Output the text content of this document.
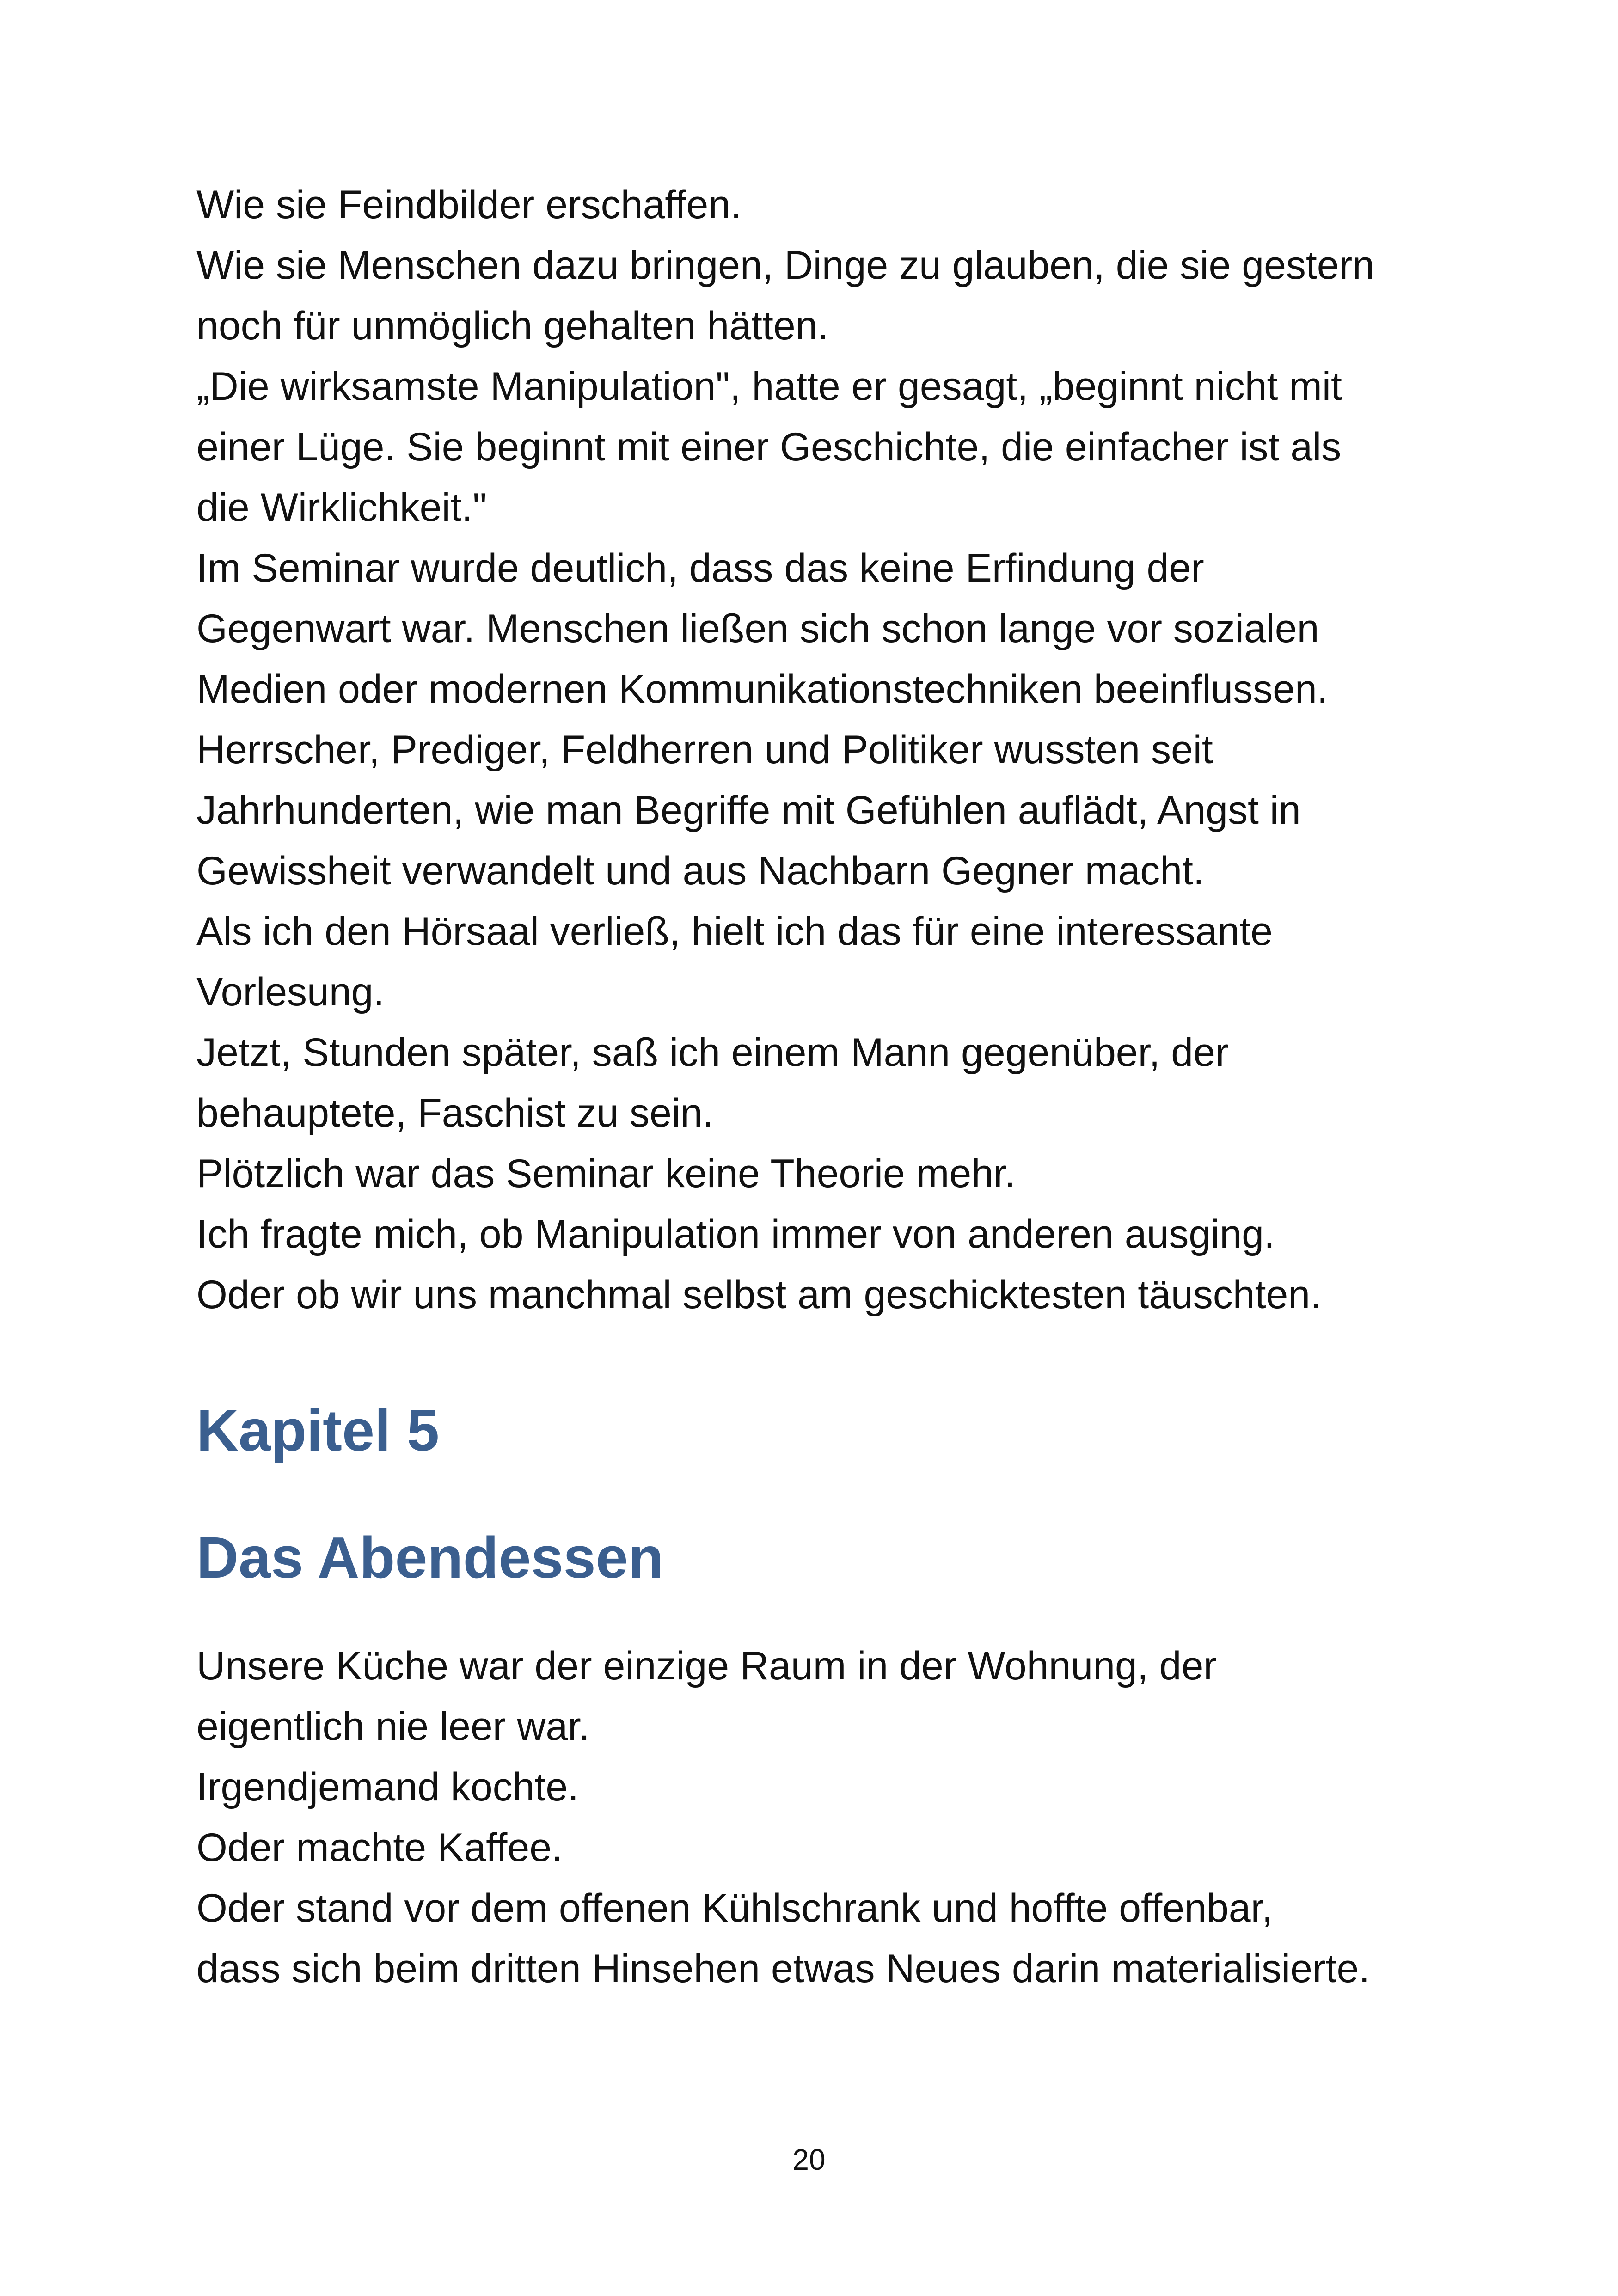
Wie sie Feindbilder erschaffen.

Wie sie Menschen dazu bringen, Dinge zu glauben, die sie gestern

noch für unmöglich gehalten hätten.

„Die wirksamste Manipulation", hatte er gesagt, „beginnt nicht mit

einer Lüge. Sie beginnt mit einer Geschichte, die einfacher ist als

die Wirklichkeit."

Im Seminar wurde deutlich, dass das keine Erfindung der

Gegenwart war. Menschen ließen sich schon lange vor sozialen

Medien oder modernen Kommunikationstechniken beeinflussen.

Herrscher, Prediger, Feldherren und Politiker wussten seit

Jahrhunderten, wie man Begriffe mit Gefühlen auflädt, Angst in

Gewissheit verwandelt und aus Nachbarn Gegner macht.

Als ich den Hörsaal verließ, hielt ich das für eine interessante

Vorlesung.

Jetzt, Stunden später, saß ich einem Mann gegenüber, der

behauptete, Faschist zu sein.

Plötzlich war das Seminar keine Theorie mehr.

Ich fragte mich, ob Manipulation immer von anderen ausging.

Oder ob wir uns manchmal selbst am geschicktesten täuschten.

Kapitel 5
Das Abendessen

Unsere Küche war der einzige Raum in der Wohnung, der

eigentlich nie leer war.

Irgendjemand kochte.

Oder machte Kaffee.

Oder stand vor dem offenen Kühlschrank und hoffte offenbar,

dass sich beim dritten Hinsehen etwas Neues darin materialisierte.

20
